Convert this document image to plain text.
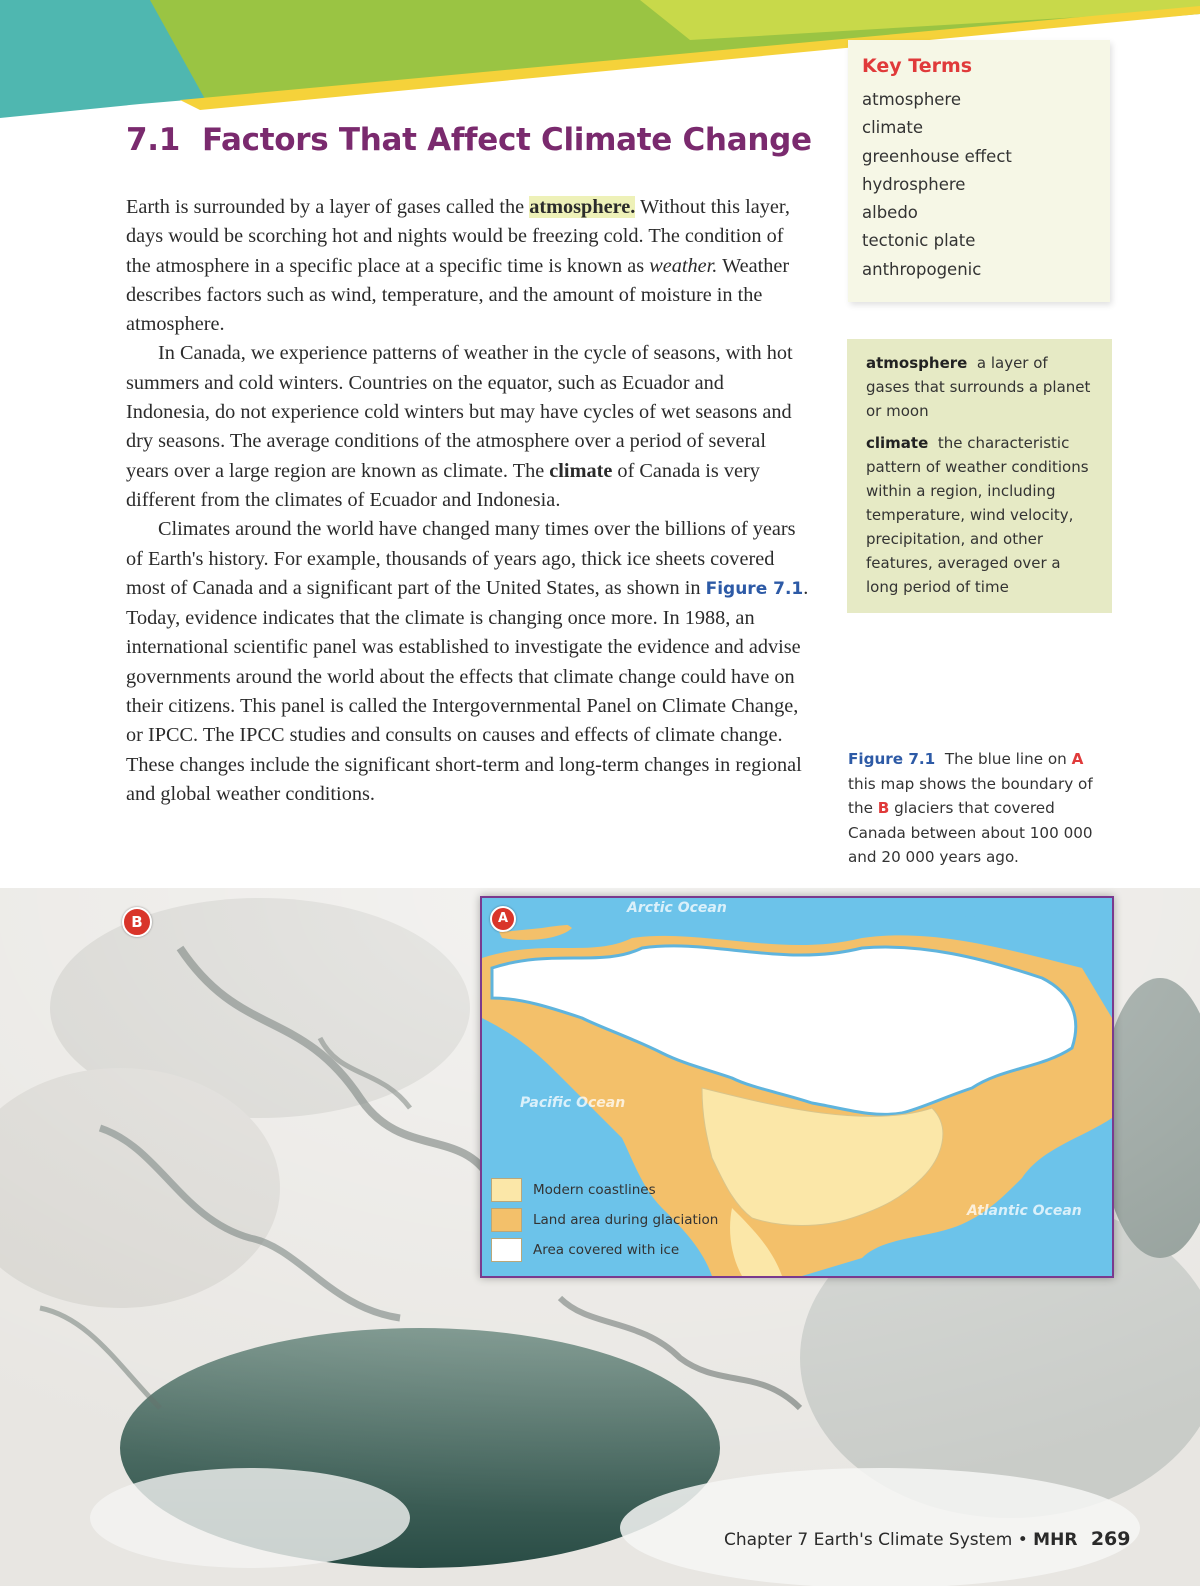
7.1 Factors That Affect Climate Change

Earth is surrounded by a layer of gases called the atmosphere. Without this layer, days would be scorching hot and nights would be freezing cold. The condition of the atmosphere in a specific place at a specific time is known as weather. Weather describes factors such as wind, temperature, and the amount of moisture in the atmosphere.

In Canada, we experience patterns of weather in the cycle of seasons, with hot summers and cold winters. Countries on the equator, such as Ecuador and Indonesia, do not experience cold winters but may have cycles of wet seasons and dry seasons. The average conditions of the atmosphere over a period of several years over a large region are known as climate. The climate of Canada is very different from the climates of Ecuador and Indonesia.

Climates around the world have changed many times over the billions of years of Earth's history. For example, thousands of years ago, thick ice sheets covered most of Canada and a significant part of the United States, as shown in Figure 7.1. Today, evidence indicates that the climate is changing once more. In 1988, an international scientific panel was established to investigate the evidence and advise governments around the world about the effects that climate change could have on their citizens. This panel is called the Intergovernmental Panel on Climate Change, or IPCC. The IPCC studies and consults on causes and effects of climate change. These changes include the significant short-term and long-term changes in regional and global weather conditions.

Key Terms
atmosphere
climate
greenhouse effect
hydrosphere
albedo
tectonic plate
anthropogenic

atmosphere a layer of gases that surrounds a planet or moon

climate the characteristic pattern of weather conditions within a region, including temperature, wind velocity, precipitation, and other features, averaged over a long period of time

Figure 7.1 The blue line on A this map shows the boundary of the B glaciers that covered Canada between about 100 000 and 20 000 years ago.
B
Arctic Ocean
Pacific Ocean
Atlantic Ocean
A
Modern coastlines
Land area during glaciation
Area covered with ice
Chapter 7 Earth's Climate System • MHR 269
